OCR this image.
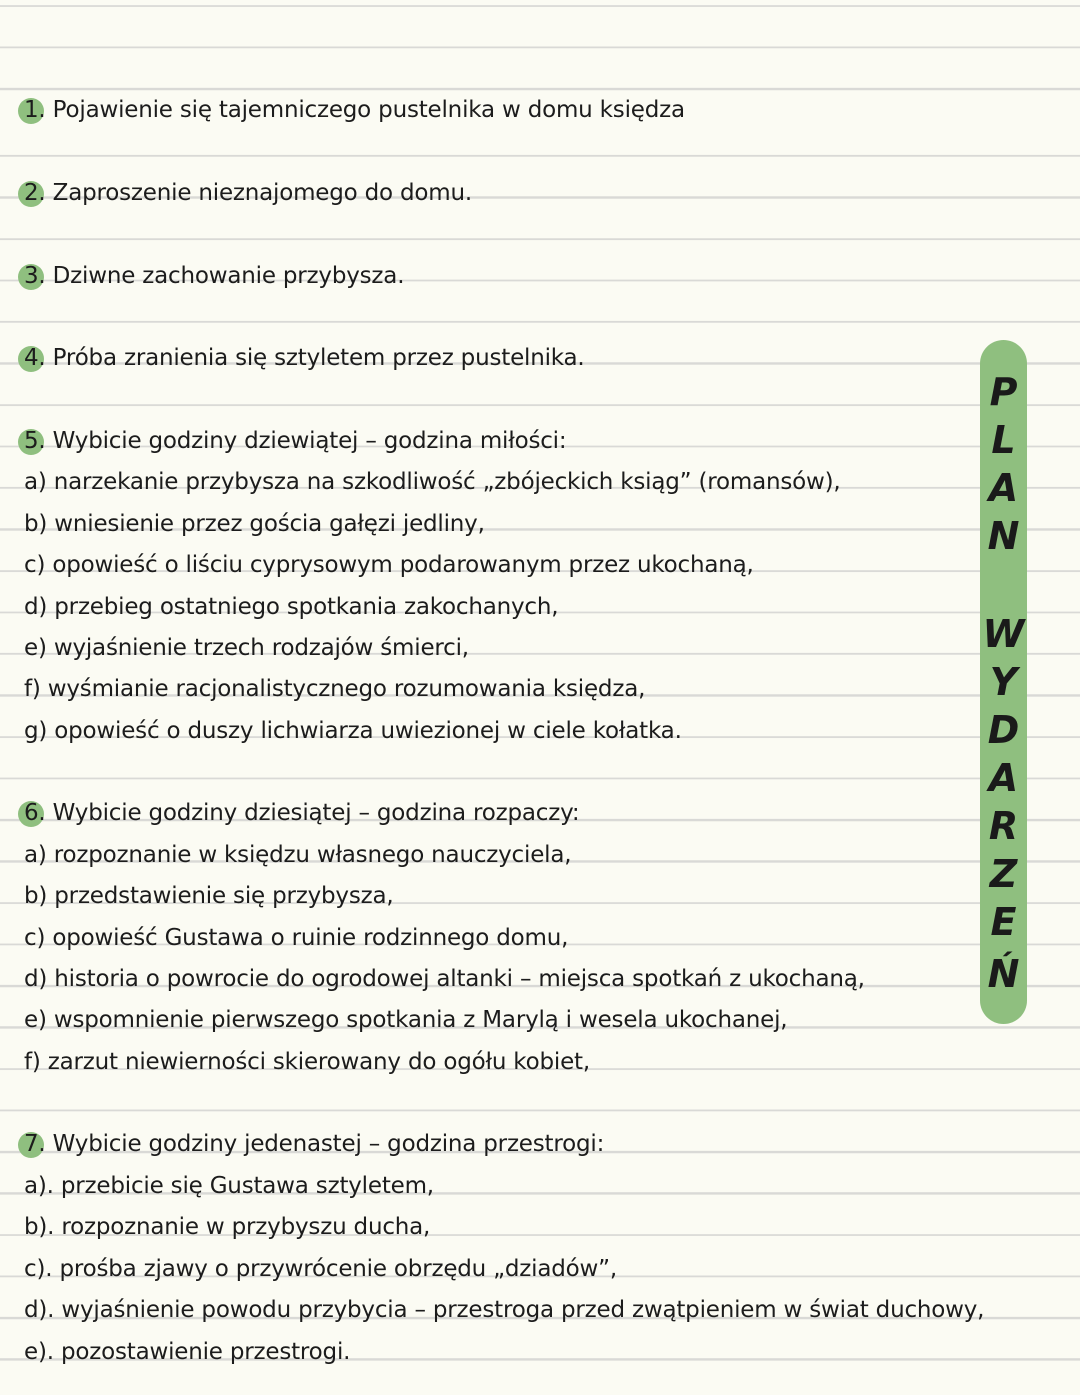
1. Pojawienie się tajemniczego pustelnika w domu księdza
2. Zaproszenie nieznajomego do domu.
3. Dziwne zachowanie przybysza.
4. Próba zranienia się sztyletem przez pustelnika.
5. Wybicie godziny dziewiątej – godzina miłości:
a) narzekanie przybysza na szkodliwość „zbójeckich ksiąg” (romansów),
b) wniesienie przez gościa gałęzi jedliny,
c) opowieść o liściu cyprysowym podarowanym przez ukochaną,
d) przebieg ostatniego spotkania zakochanych,
e) wyjaśnienie trzech rodzajów śmierci,
f) wyśmianie racjonalistycznego rozumowania księdza,
g) opowieść o duszy lichwiarza uwiezionej w ciele kołatka.
6. Wybicie godziny dziesiątej – godzina rozpaczy:
a) rozpoznanie w księdzu własnego nauczyciela,
b) przedstawienie się przybysza,
c) opowieść Gustawa o ruinie rodzinnego domu,
d) historia o powrocie do ogrodowej altanki – miejsca spotkań z ukochaną,
e) wspomnienie pierwszego spotkania z Marylą i wesela ukochanej,
f) zarzut niewierności skierowany do ogółu kobiet,
7. Wybicie godziny jedenastej – godzina przestrogi:
a). przebicie się Gustawa sztyletem,
b). rozpoznanie w przybyszu ducha,
c). prośba zjawy o przywrócenie obrzędu „dziadów”,
d). wyjaśnienie powodu przybycia – przestroga przed zwątpieniem w świat duchowy,
e). pozostawienie przestrogi.
P
L
A
N
W
Y
D
A
R
Z
E
Ń
